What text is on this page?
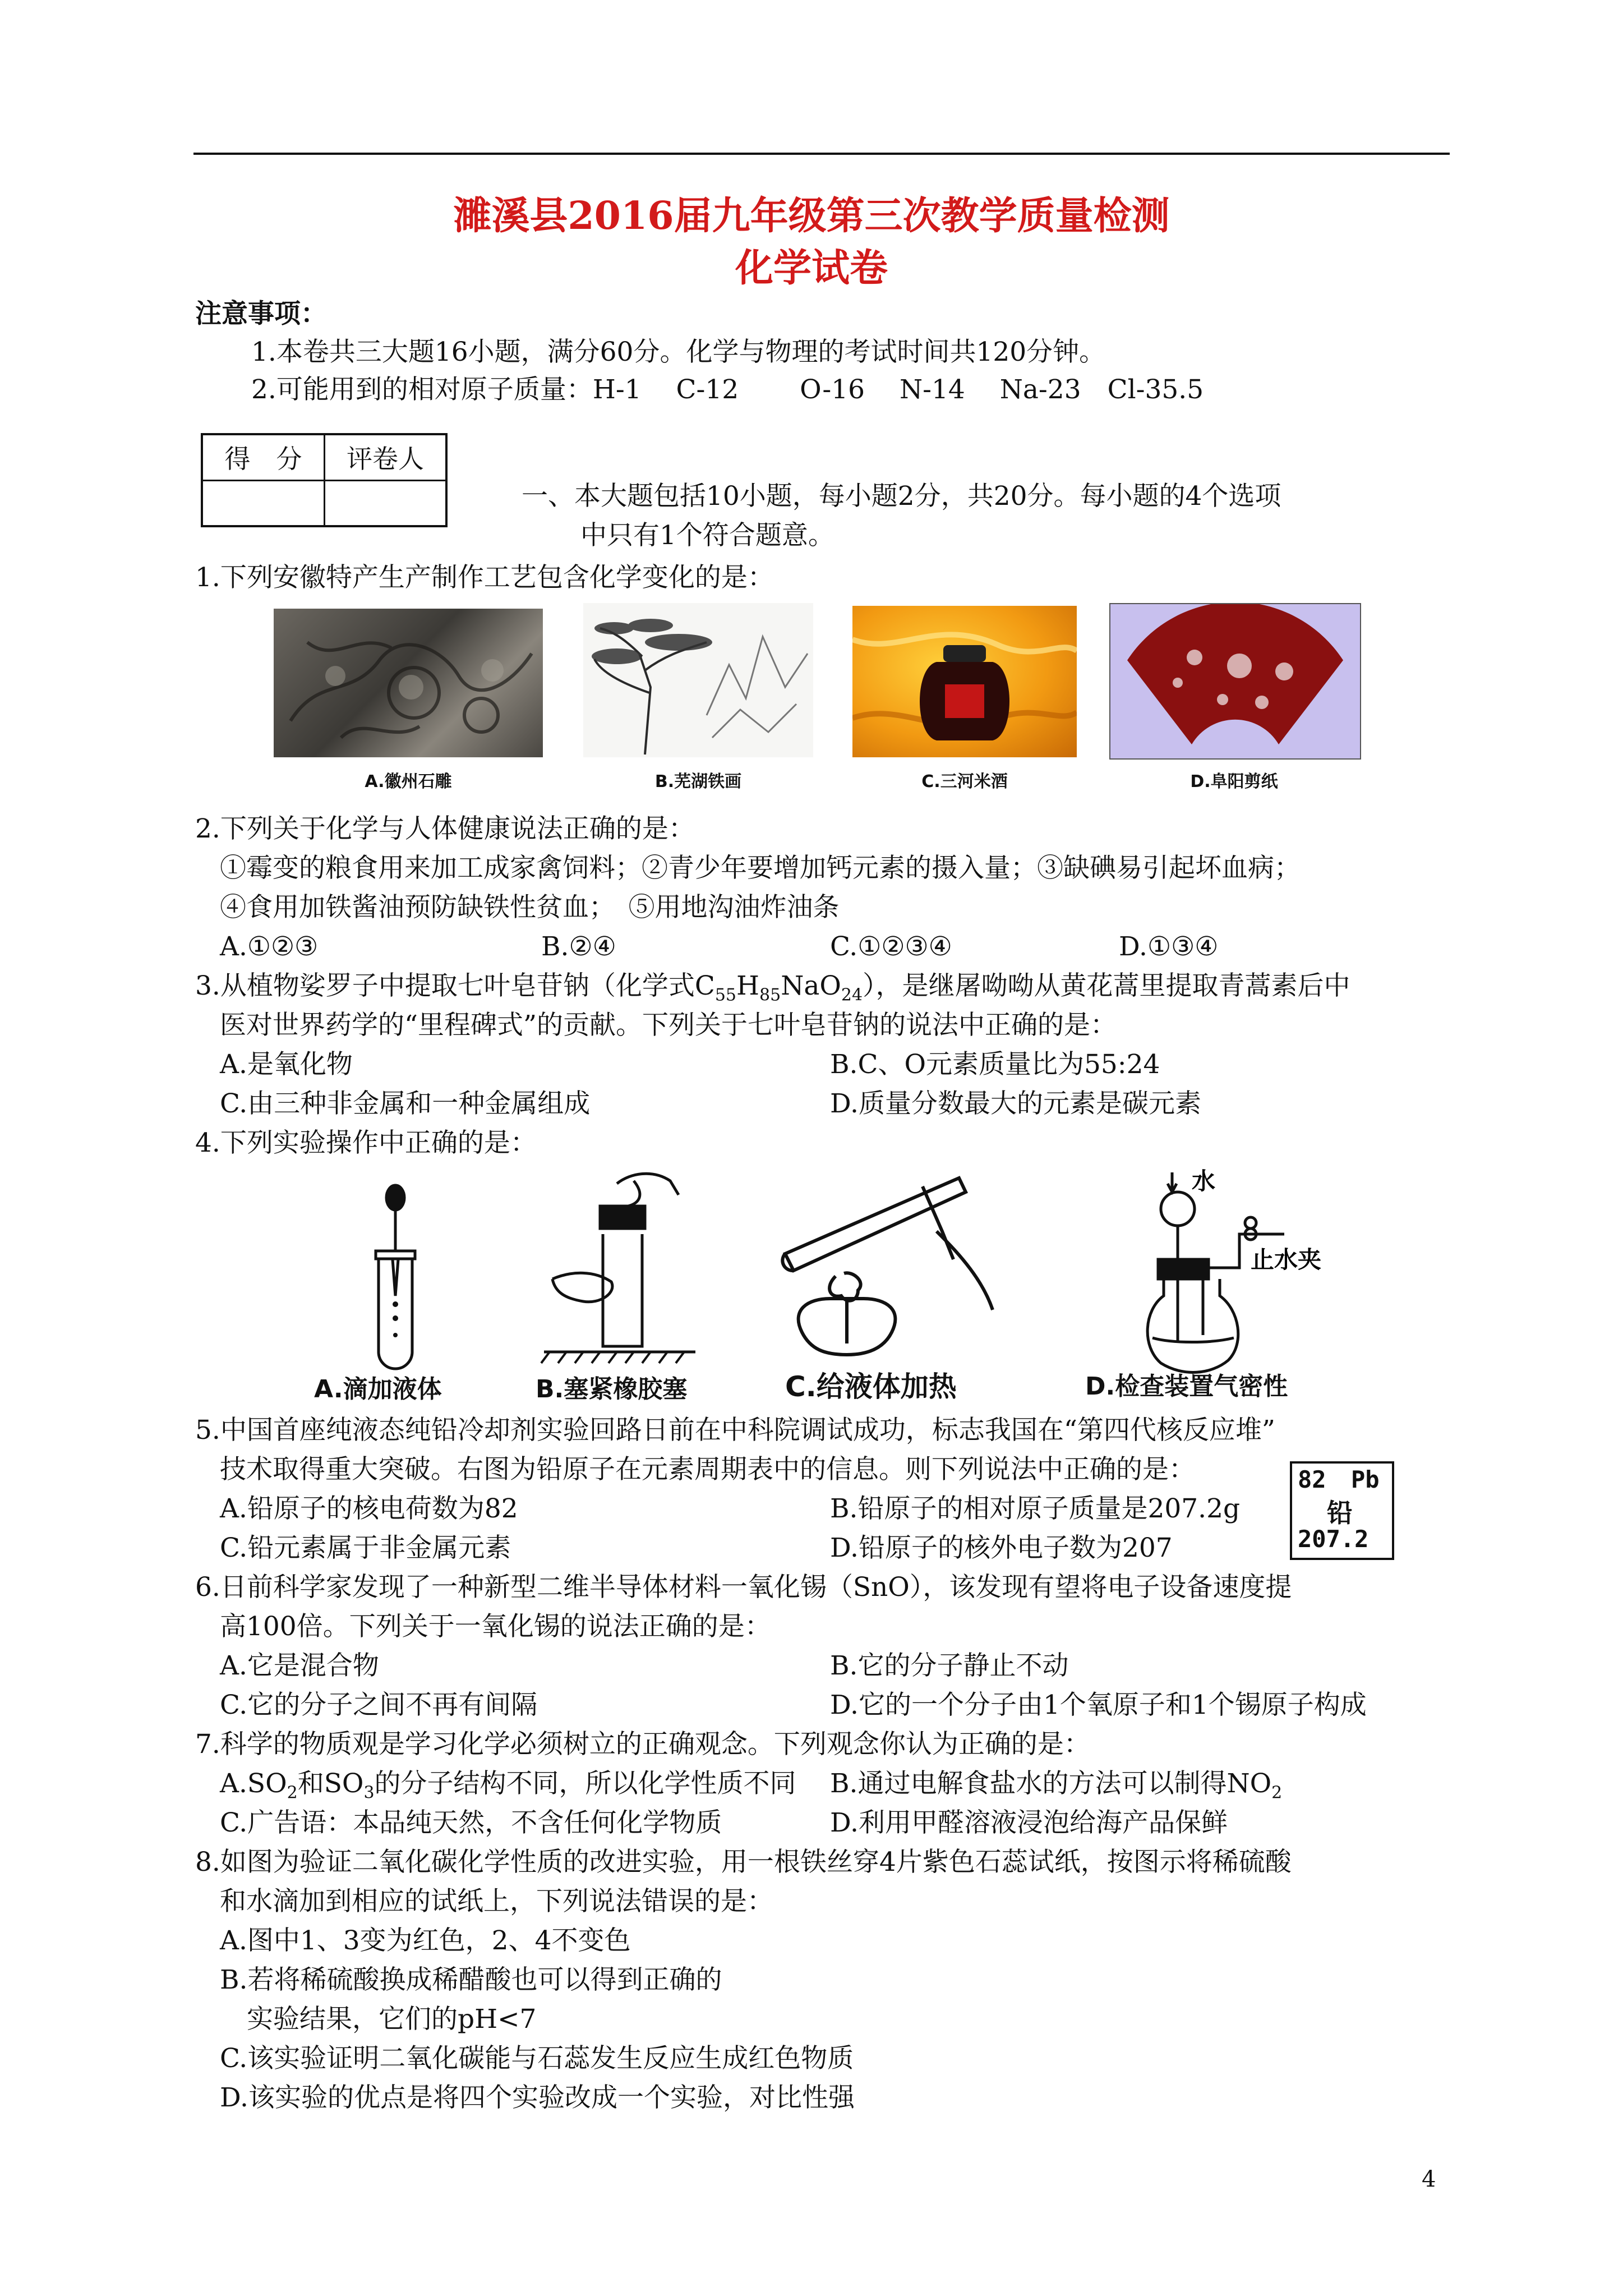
濉溪县2016届九年级第三次教学质量检测
化学试卷
注意事项：
1.本卷共三大题16小题，满分60分。化学与物理的考试时间共120分钟。
2.可能用到的相对原子质量：H-1　 C-12　　 O-16　 N-14　 Na-23　Cl-35.5
得　分	评卷人

一、本大题包括10小题，每小题2分，共20分。每小题的4个选项
中只有1个符合题意。
1.下列安徽特产生产制作工艺包含化学变化的是：
A.徽州石雕	B.芜湖铁画	C.三河米酒	D.阜阳剪纸
2.下列关于化学与人体健康说法正确的是：
①霉变的粮食用来加工成家禽饲料；②青少年要增加钙元素的摄入量；③缺碘易引起坏血病；
④食用加铁酱油预防缺铁性贫血；　⑤用地沟油炸油条
A.①②③	B.②④	C.①②③④	D.①③④
3.从植物娑罗子中提取七叶皂苷钠（化学式$C_{55}H_{85}NaO_{24}$），是继屠呦呦从黄花蒿里提取青蒿素后中
医对世界药学的“里程碑式”的贡献。下列关于七叶皂苷钠的说法中正确的是：
A.是氧化物	B.C、O元素质量比为55:24
C.由三种非金属和一种金属组成	D.质量分数最大的元素是碳元素
4.下列实验操作中正确的是：
水
止水夹
A.滴加液体	B.塞紧橡胶塞	C.给液体加热	D.检查装置气密性
5.中国首座纯液态纯铅冷却剂实验回路日前在中科院调试成功，标志我国在“第四代核反应堆”
技术取得重大突破。右图为铅原子在元素周期表中的信息。则下列说法中正确的是：
A.铅原子的核电荷数为82	B.铅原子的相对原子质量是207.2g
C.铅元素属于非金属元素	D.铅原子的核外电子数为207
82 Pb
铅
207.2
6.日前科学家发现了一种新型二维半导体材料一氧化锡（SnO），该发现有望将电子设备速度提
高100倍。下列关于一氧化锡的说法正确的是：
A.它是混合物	B.它的分子静止不动
C.它的分子之间不再有间隔	D.它的一个分子由1个氧原子和1个锡原子构成
7.科学的物质观是学习化学必须树立的正确观念。下列观念你认为正确的是：
$A.SO_2$和$SO_3$的分子结构不同，所以化学性质不同 B.通过电解食盐水的方法可以制得$NO_2$
C.广告语：本品纯天然，不含任何化学物质	D.利用甲醛溶液浸泡给海产品保鲜
8.如图为验证二氧化碳化学性质的改进实验，用一根铁丝穿4片紫色石蕊试纸，按图示将稀硫酸
和水滴加到相应的试纸上，下列说法错误的是：
A.图中1、3变为红色，2、4不变色
B.若将稀硫酸换成稀醋酸也可以得到正确的
实验结果，它们的pH<7
C.该实验证明二氧化碳能与石蕊发生反应生成红色物质
D.该实验的优点是将四个实验改成一个实验，对比性强
4
